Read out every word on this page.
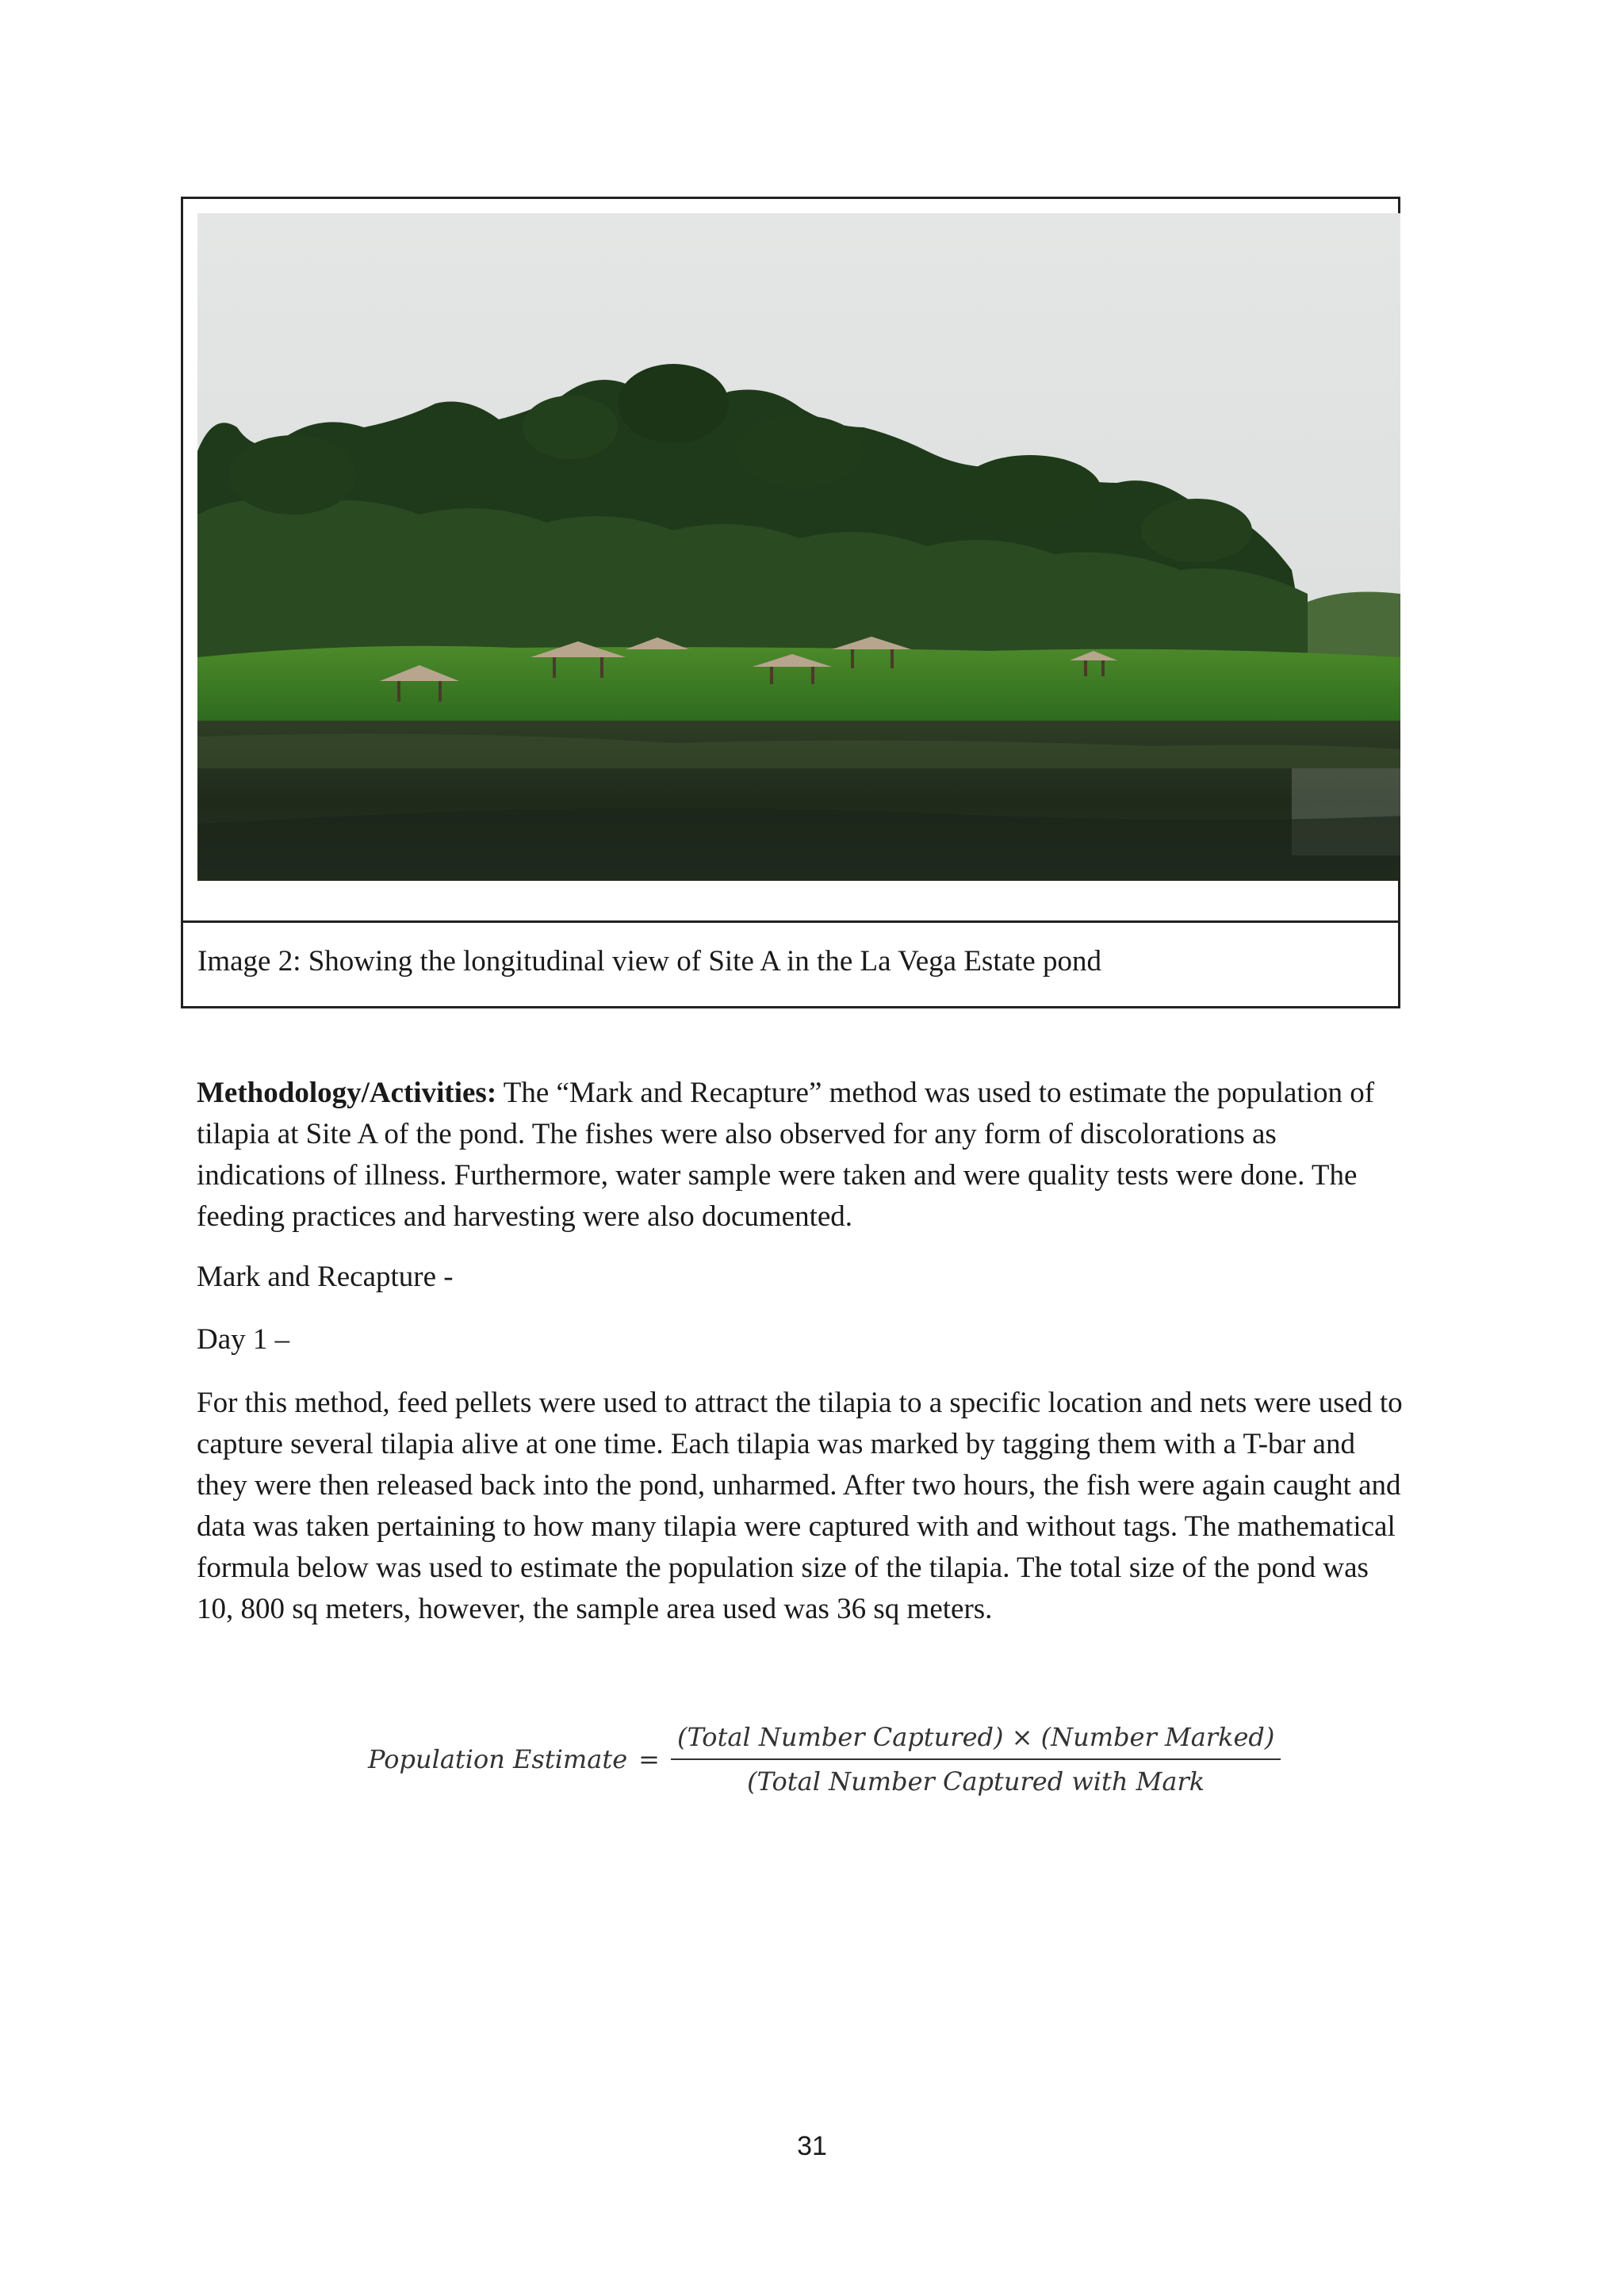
Image 2: Showing the longitudinal view of Site A in the La Vega Estate pond

Methodology/Activities: The “Mark and Recapture” method was used to estimate the population of tilapia at Site A of the pond. The fishes were also observed for any form of discolorations as indications of illness. Furthermore, water sample were taken and were quality tests were done. The feeding practices and harvesting were also documented.

Mark and Recapture -

Day 1 –

For this method, feed pellets were used to attract the tilapia to a specific location and nets were used to capture several tilapia alive at one time. Each tilapia was marked by tagging them with a T-bar and they were then released back into the pond, unharmed. After two hours, the fish were again caught and data was taken pertaining to how many tilapia were captured with and without tags. The mathematical formula below was used to estimate the population size of the tilapia. The total size of the pond was 10, 800 sq meters, however, the sample area used was 36 sq meters.

Population Estimate = $\frac{\text{(Total Number Captured) × (Number Marked)}}{\text{(Total Number Captured with Mark}}$
31
